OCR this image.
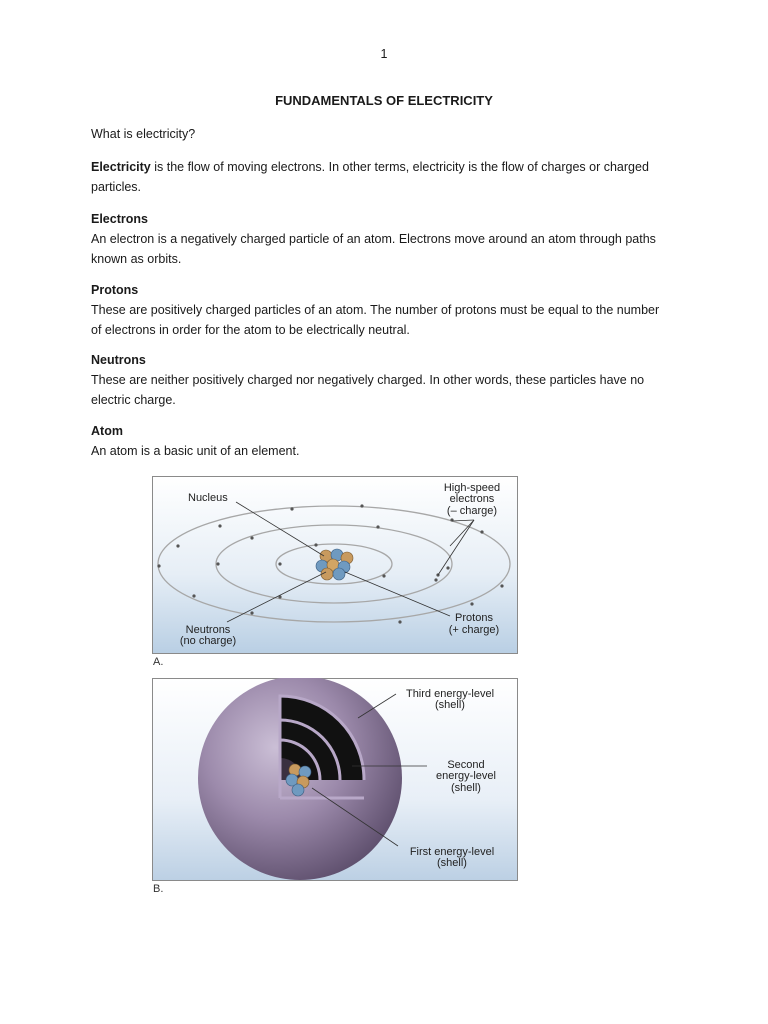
1
FUNDAMENTALS OF ELECTRICITY
What is electricity?
Electricity is the flow of moving electrons. In other terms, electricity is the flow of charges or charged
particles.
Electrons
An electron is a negatively charged particle of an atom. Electrons move around an atom through paths
known as orbits.
Protons
These are positively charged particles of an atom. The number of protons must be equal to the number
of electrons in order for the atom to be electrically neutral.
Neutrons
These are neither positively charged nor negatively charged. In other words, these particles have no
electric charge.
Atom
An atom is a basic unit of an element.
Nucleus
High-speed
electrons
(– charge)
Neutrons
(no charge)
Protons
(+ charge)
A.
Third energy-level
(shell)
Second
energy-level
(shell)
First energy-level
(shell)
B.
